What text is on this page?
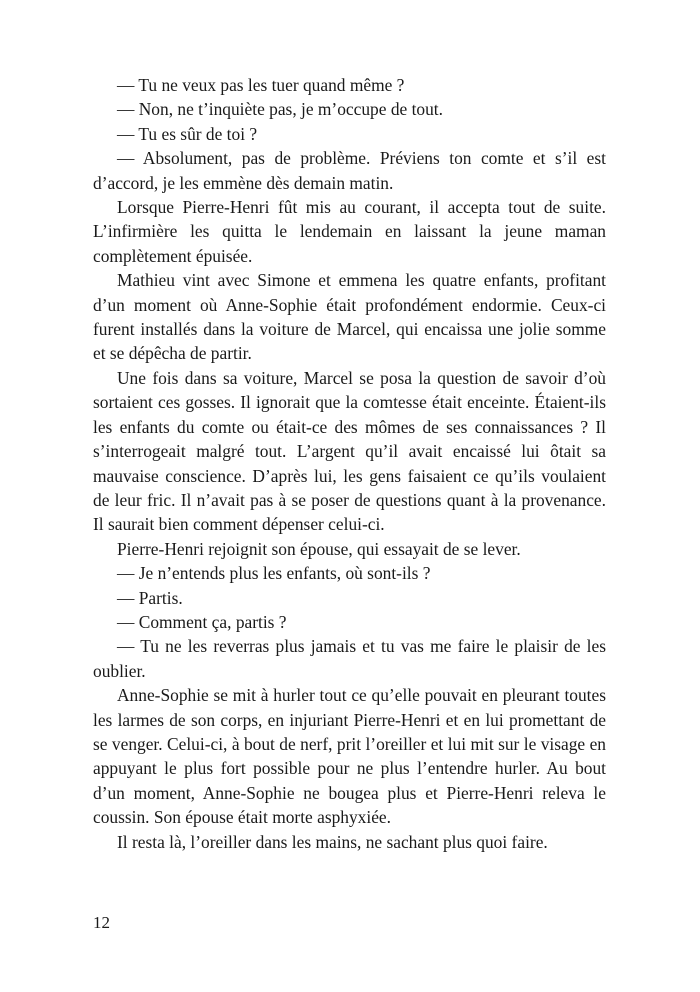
— Tu ne veux pas les tuer quand même ?

— Non, ne t’inquiète pas, je m’occupe de tout.

— Tu es sûr de toi ?

— Absolument, pas de problème. Préviens ton comte et s’il est d’accord, je les emmène dès demain matin.

Lorsque Pierre-Henri fût mis au courant, il accepta tout de suite. L’infirmière les quitta le lendemain en laissant la jeune maman complètement épuisée.

Mathieu vint avec Simone et emmena les quatre enfants, profitant d’un moment où Anne-Sophie était profondément endormie. Ceux-ci furent installés dans la voiture de Marcel, qui encaissa une jolie somme et se dépêcha de partir.

Une fois dans sa voiture, Marcel se posa la question de savoir d’où sortaient ces gosses. Il ignorait que la comtesse était enceinte. Étaient-ils les enfants du comte ou était-ce des mômes de ses connaissances ? Il s’interrogeait malgré tout. L’argent qu’il avait encaissé lui ôtait sa mauvaise conscience. D’après lui, les gens faisaient ce qu’ils voulaient de leur fric. Il n’avait pas à se poser de questions quant à la provenance. Il saurait bien comment dépenser celui-ci.

Pierre-Henri rejoignit son épouse, qui essayait de se lever.

— Je n’entends plus les enfants, où sont-ils ?

— Partis.

— Comment ça, partis ?

— Tu ne les reverras plus jamais et tu vas me faire le plaisir de les oublier.

Anne-Sophie se mit à hurler tout ce qu’elle pouvait en pleurant toutes les larmes de son corps, en injuriant Pierre-Henri et en lui promettant de se venger. Celui-ci, à bout de nerf, prit l’oreiller et lui mit sur le visage en appuyant le plus fort possible pour ne plus l’entendre hurler. Au bout d’un moment, Anne-Sophie ne bougea plus et Pierre-Henri releva le coussin. Son épouse était morte asphyxiée.

Il resta là, l’oreiller dans les mains, ne sachant plus quoi faire.

12
